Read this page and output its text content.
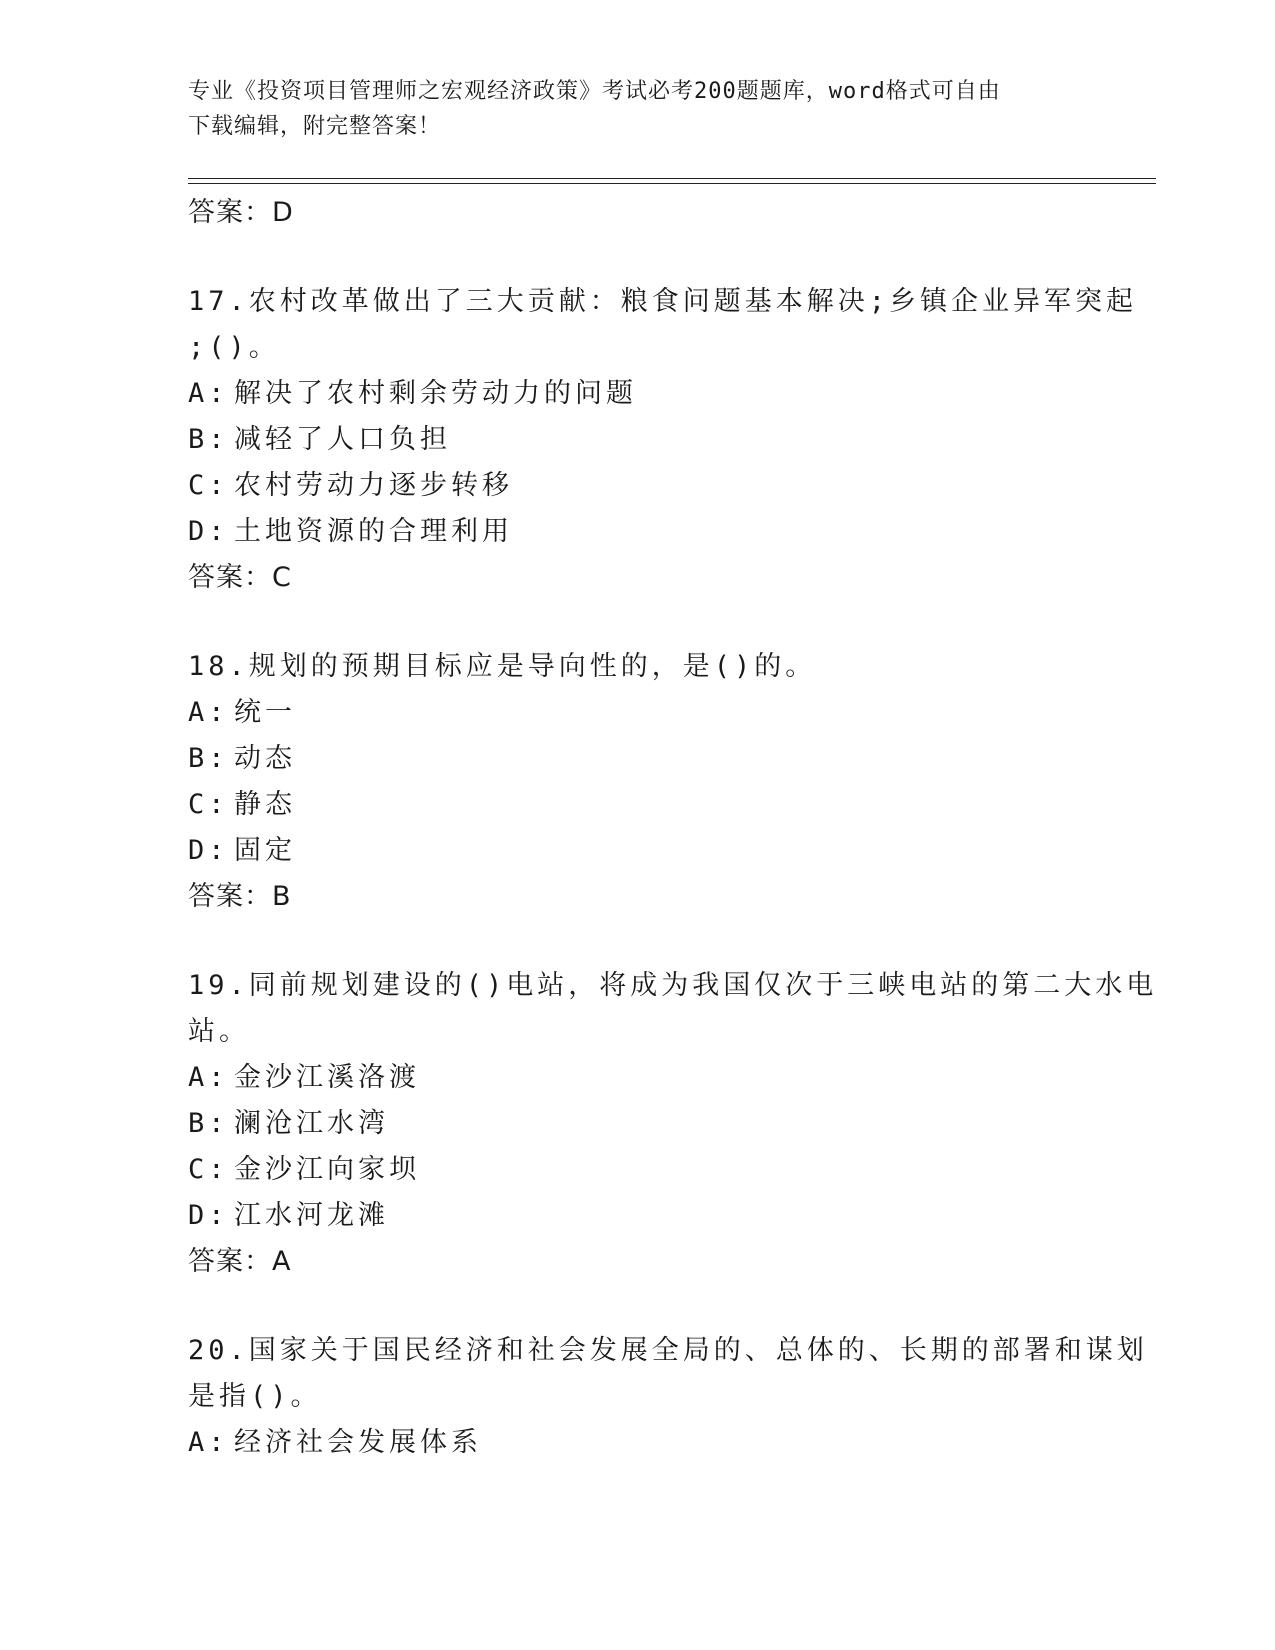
专业《投资项目管理师之宏观经济政策》考试必考200题题库，word格式可自由
下载编辑，附完整答案！
答案：D
17.农村改革做出了三大贡献：粮食问题基本解决;乡镇企业异军突起
;()。
A: 解决了农村剩余劳动力的问题
B: 减轻了人口负担
C: 农村劳动力逐步转移
D: 土地资源的合理利用
答案：C
18.规划的预期目标应是导向性的，是()的。
A: 统一
B: 动态
C: 静态
D: 固定
答案：B
19.同前规划建设的()电站，将成为我国仅次于三峡电站的第二大水电
站。
A: 金沙江溪洛渡
B: 澜沧江水湾
C: 金沙江向家坝
D: 江水河龙滩
答案：A
20.国家关于国民经济和社会发展全局的、总体的、长期的部署和谋划
是指()。
A: 经济社会发展体系
